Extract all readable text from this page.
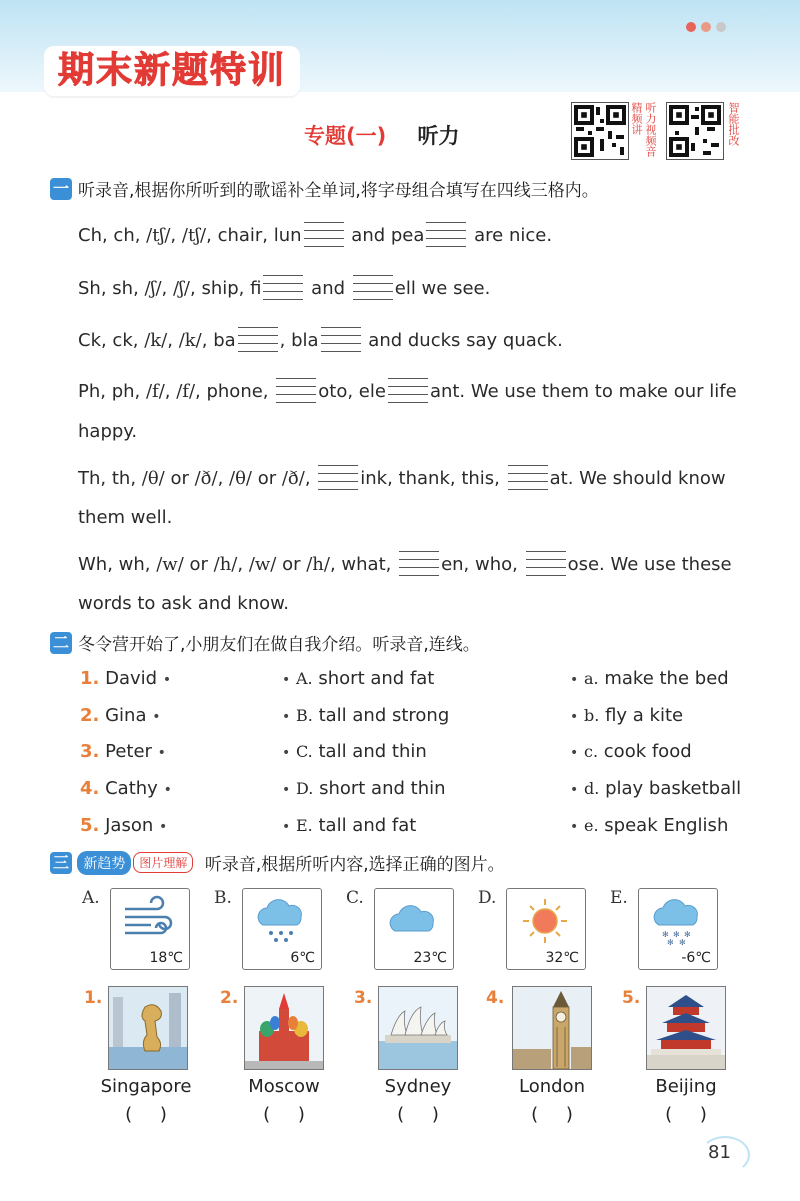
期末新题特训
专题(一) 听力
听
力
视
频
音
精
频
讲
智
能
批
改
一 听录音,根据你所听到的歌谣补全单词,将字母组合填写在四线三格内。
Ch, ch, /tʃ/, /tʃ/, chair, lun
and pea
are nice.
Sh, sh, /ʃ/, /ʃ/, ship, fi
and
ell we see.
Ck, ck, /k/, /k/, ba , bla
and ducks say quack.
Ph, ph, /f/, /f/, phone,
oto, ele ant. We use them to make our life
happy.
Th, th, /θ/ or /ð/, /θ/ or /ð/,
ink, thank, this,
at. We should know
them well.
Wh, wh, /w/ or /h/, /w/ or /h/, what,
en, who,
ose. We use these
words to ask and know.
二 冬令营开始了,小朋友们在做自我介绍。听录音,连线。
1. David •	• A. short and fat	• a. make the bed
2. Gina •	• B. tall and strong	• b. fly a kite
3. Peter •	• C. tall and thin	• c. cook food
4. Cathy •	• D. short and thin	• d. play basketball
5. Jason •	• E. tall and fat	• e. speak English
三 新趋势 图片理解 听录音,根据所听内容,选择正确的图片。
A.
18℃
B.
6℃
C.
23℃
D.
32℃
E.
✻ ✻ ✻
✻ ✻
-6℃
1.
Singapore
( )
2.
Moscow
( )
3.
Sydney
( )
4.
London
( )
5.
Beijing
( )
81
